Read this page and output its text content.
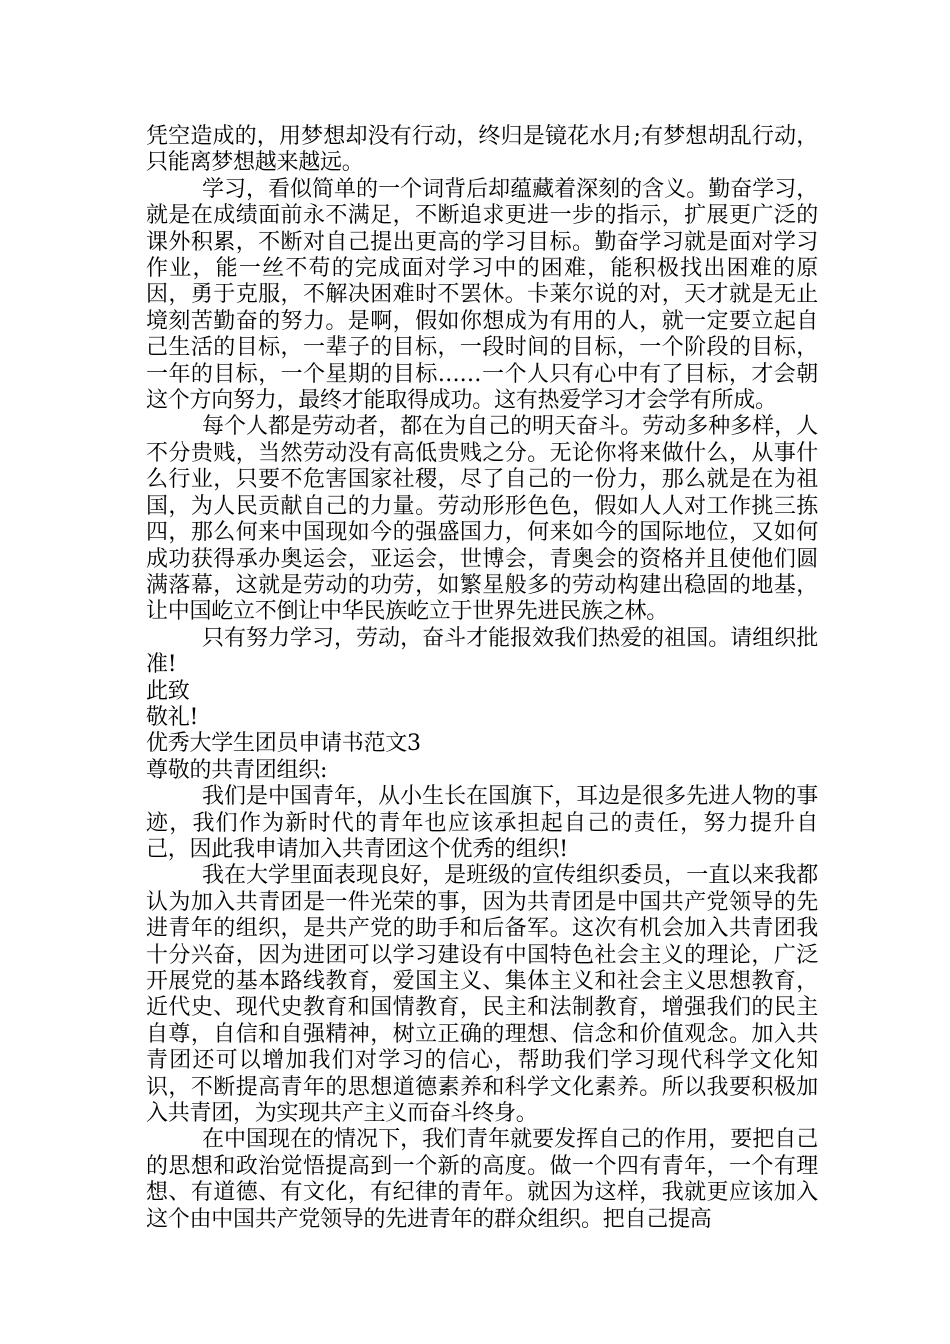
凭空造成的，用梦想却没有行动，终归是镜花水月;有梦想胡乱行动，只能离梦想越来越远。

学习，看似简单的一个词背后却蕴藏着深刻的含义。勤奋学习，就是在成绩面前永不满足，不断追求更进一步的指示，扩展更广泛的课外积累，不断对自己提出更高的学习目标。勤奋学习就是面对学习作业，能一丝不苟的完成面对学习中的困难，能积极找出困难的原因，勇于克服，不解决困难时不罢休。卡莱尔说的对，天才就是无止境刻苦勤奋的努力。是啊，假如你想成为有用的人，就一定要立起自己生活的目标，一辈子的目标，一段时间的目标，一个阶段的目标，一年的目标，一个星期的目标……一个人只有心中有了目标，才会朝这个方向努力，最终才能取得成功。这有热爱学习才会学有所成。

每个人都是劳动者，都在为自己的明天奋斗。劳动多种多样，人不分贵贱，当然劳动没有高低贵贱之分。无论你将来做什么，从事什么行业，只要不危害国家社稷，尽了自己的一份力，那么就是在为祖国，为人民贡献自己的力量。劳动形形色色，假如人人对工作挑三拣四，那么何来中国现如今的强盛国力，何来如今的国际地位，又如何成功获得承办奥运会，亚运会，世博会，青奥会的资格并且使他们圆满落幕，这就是劳动的功劳，如繁星般多的劳动构建出稳固的地基，让中国屹立不倒让中华民族屹立于世界先进民族之林。

只有努力学习，劳动，奋斗才能报效我们热爱的祖国。请组织批准!

此致

敬礼!

优秀大学生团员申请书范文3

尊敬的共青团组织:

我们是中国青年，从小生长在国旗下，耳边是很多先进人物的事迹，我们作为新时代的青年也应该承担起自己的责任，努力提升自己，因此我申请加入共青团这个优秀的组织!

我在大学里面表现良好，是班级的宣传组织委员，一直以来我都认为加入共青团是一件光荣的事，因为共青团是中国共产党领导的先进青年的组织，是共产党的助手和后备军。这次有机会加入共青团我十分兴奋，因为进团可以学习建设有中国特色社会主义的理论，广泛开展党的基本路线教育，爱国主义、集体主义和社会主义思想教育，近代史、现代史教育和国情教育，民主和法制教育，增强我们的民主自尊，自信和自强精神，树立正确的理想、信念和价值观念。加入共青团还可以增加我们对学习的信心，帮助我们学习现代科学文化知识，不断提高青年的思想道德素养和科学文化素养。所以我要积极加入共青团，为实现共产主义而奋斗终身。

在中国现在的情况下，我们青年就要发挥自己的作用，要把自己的思想和政治觉悟提高到一个新的高度。做一个四有青年，一个有理想、有道德、有文化，有纪律的青年。就因为这样，我就更应该加入这个由中国共产党领导的先进青年的群众组织。把自己提高
